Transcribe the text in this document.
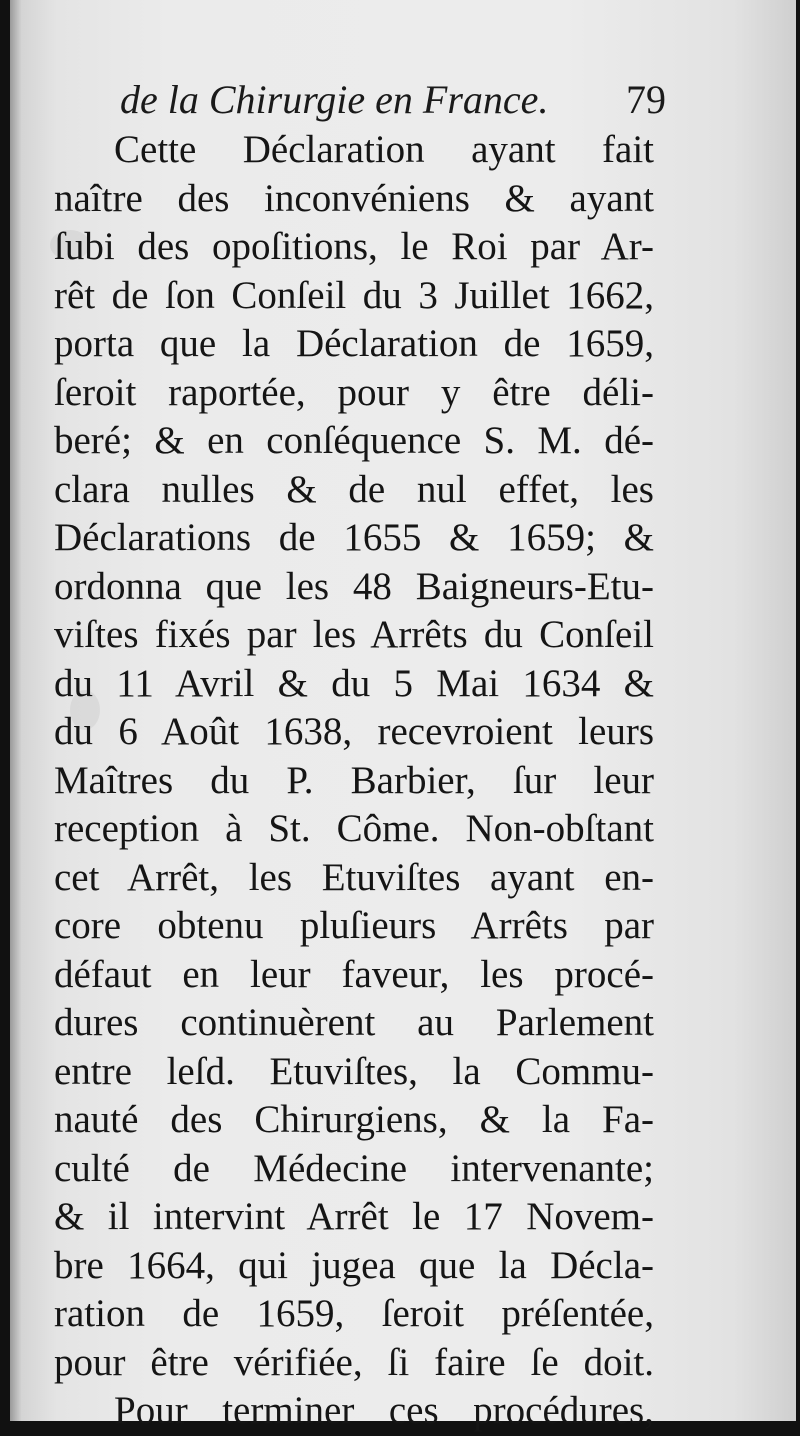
de la Chirurgie en France. 79
Cette Déclaration ayant fait
naître des inconvéniens & ayant
ſubi des opoſitions, le Roi par Ar-
rêt de ſon Conſeil du 3 Juillet 1662,
porta que la Déclaration de 1659,
ſeroit raportée, pour y être déli-
beré; & en conſéquence S. M. dé-
clara nulles & de nul effet, les
Déclarations de 1655 & 1659; &
ordonna que les 48 Baigneurs-Etu-
viſtes fixés par les Arrêts du Conſeil
du 11 Avril & du 5 Mai 1634 &
du 6 Août 1638, recevroient leurs
Maîtres du P. Barbier, ſur leur
reception à St. Côme. Non-obſtant
cet Arrêt, les Etuviſtes ayant en-
core obtenu pluſieurs Arrêts par
défaut en leur faveur, les procé-
dures continuèrent au Parlement
entre leſd. Etuviſtes, la Commu-
nauté des Chirurgiens, & la Fa-
culté de Médecine intervenante;
& il intervint Arrêt le 17 Novem-
bre 1664, qui jugea que la Décla-
ration de 1659, ſeroit préſentée,
pour être vérifiée, ſi faire ſe doit.
Pour terminer ces procédures,
